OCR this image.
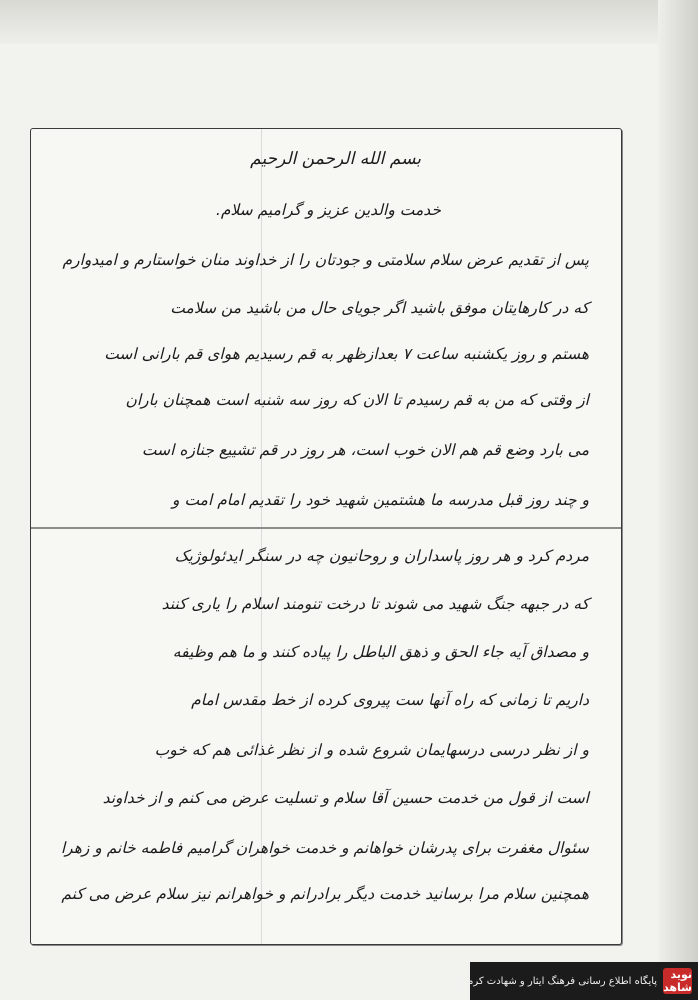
بسم الله الرحمن الرحیم
خدمت والدین عزیز و گرامیم سلام.
پس از تقدیم عرض سلام سلامتی و جودتان را از خداوند منان خواستارم و امیدوارم
که در کارهایتان موفق باشید اگر جویای حال من باشید من سلامت
هستم و روز یکشنبه ساعت ۷ بعدازظهر به قم رسیدیم هوای قم بارانی است
از وقتی که من به قم رسیدم تا الان که روز سه شنبه است همچنان باران
می بارد وضع قم هم الان خوب است، هر روز در قم تشییع جنازه است
و چند روز قبل مدرسه ما هشتمین شهید خود را تقدیم امام امت و
مردم کرد و هر روز پاسداران و روحانیون چه در سنگر ایدئولوژیک
که در جبهه جنگ شهید می شوند تا درخت تنومند اسلام را یاری کنند
و مصداق آیه جاء الحق و ذهق الباطل را پیاده کنند و ما هم وظیفه
داریم تا زمانی که راه آنها ست پیروی کرده از خط مقدس امام
و از نظر درسی درسهایمان شروع شده و از نظر غذائی هم که خوب
است از قول من خدمت حسین آقا سلام و تسلیت عرض می کنم و از خداوند
سئوال مغفرت برای پدرشان خواهانم و خدمت خواهران گرامیم فاطمه خانم و زهرا
همچنین سلام مرا برسانید خدمت دیگر برادرانم و خواهرانم نیز سلام عرض می کنم
پایگاه اطلاع رسانی فرهنگ ایثار و شهادت کرمان	نوید شاهد
